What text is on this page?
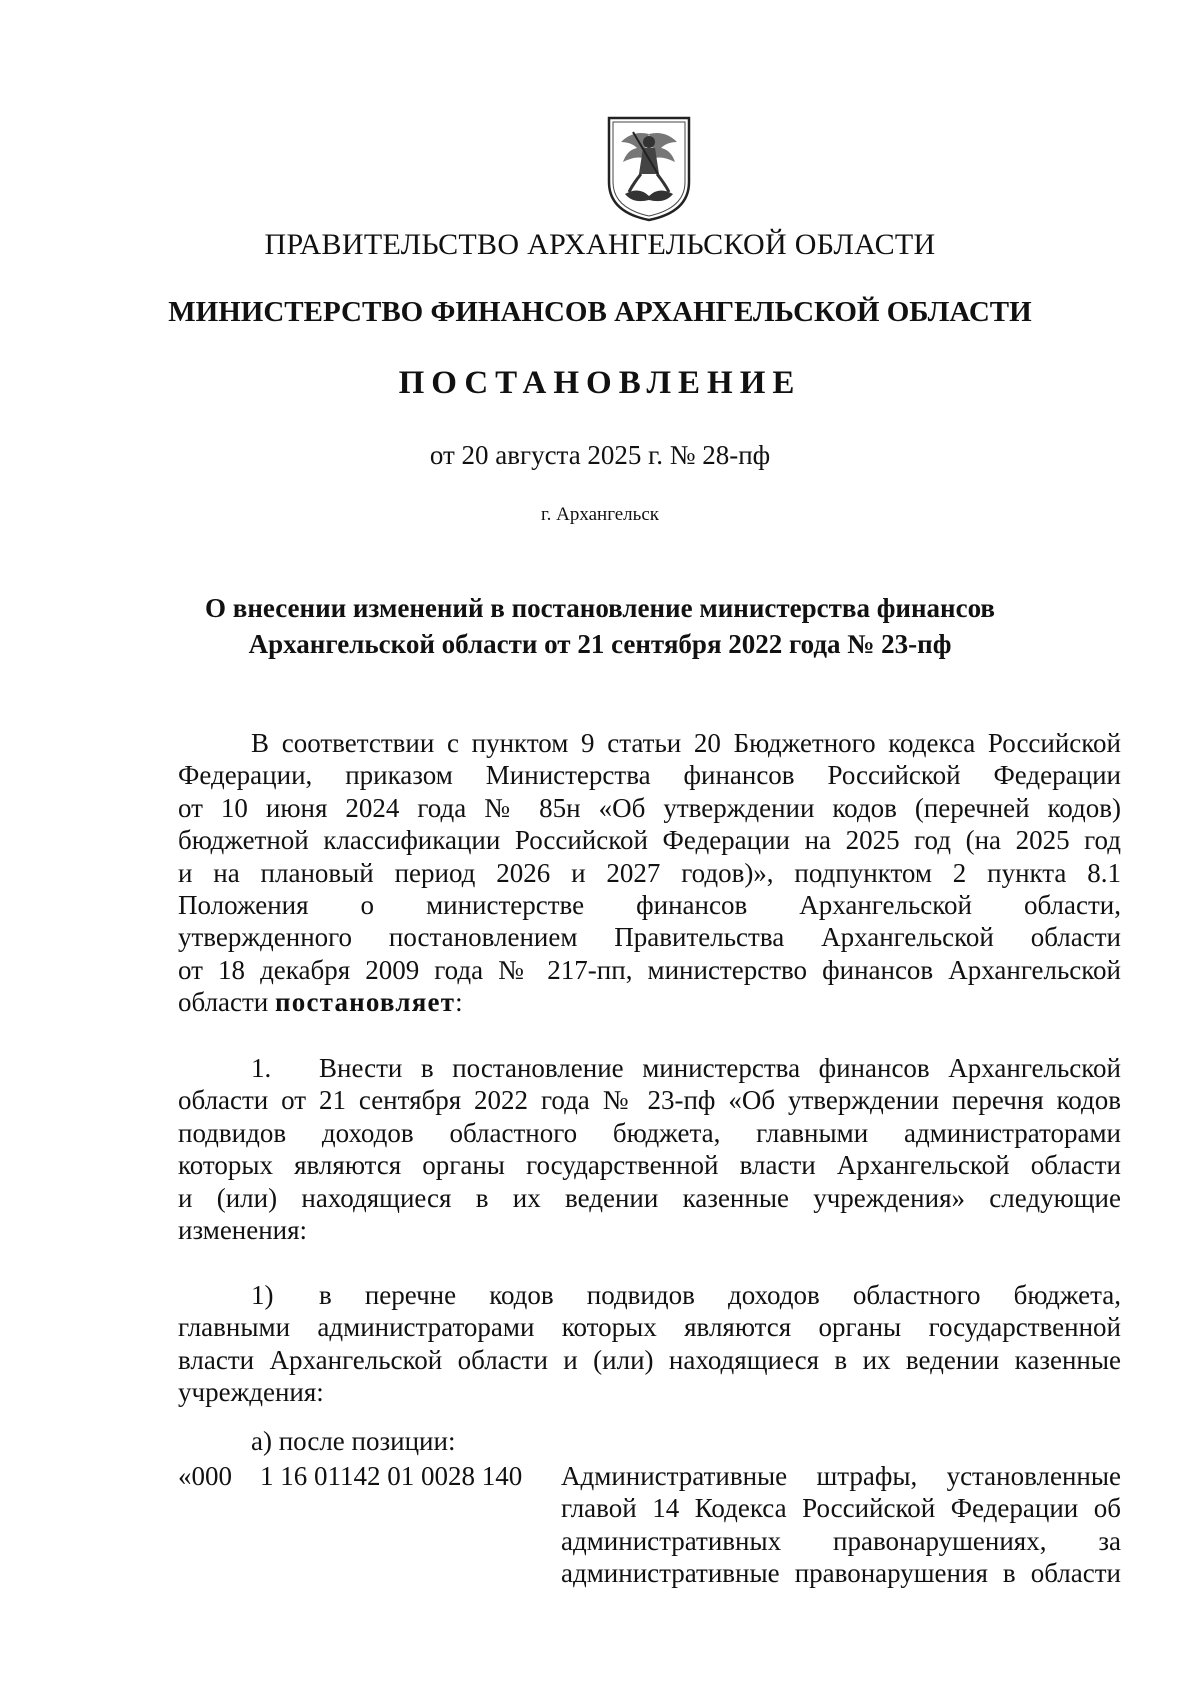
ПРАВИТЕЛЬСТВО АРХАНГЕЛЬСКОЙ ОБЛАСТИ
МИНИСТЕРСТВО ФИНАНСОВ АРХАНГЕЛЬСКОЙ ОБЛАСТИ
ПОСТАНОВЛЕНИЕ
от 20 августа 2025 г. № 28-пф
г. Архангельск
О внесении изменений в постановление министерства финансов
Архангельской области от 21 сентября 2022 года № 23-пф
В соответствии с пунктом 9 статьи 20 Бюджетного кодекса Российской
Федерации, приказом Министерства финансов Российской Федерации
от 10 июня 2024 года № 85н «Об утверждении кодов (перечней кодов)
бюджетной классификации Российской Федерации на 2025 год (на 2025 год
и на плановый период 2026 и 2027 годов)», подпунктом 2 пункта 8.1
Положения о министерстве финансов Архангельской области,
утвержденного постановлением Правительства Архангельской области
от 18 декабря 2009 года № 217-пп, министерство финансов Архангельской
области постановляет:
1. Внести в постановление министерства финансов Архангельской
области от 21 сентября 2022 года № 23-пф «Об утверждении перечня кодов
подвидов доходов областного бюджета, главными администраторами
которых являются органы государственной власти Архангельской области
и (или) находящиеся в их ведении казенные учреждения» следующие
изменения:
1) в перечне кодов подвидов доходов областного бюджета,
главными администраторами которых являются органы государственной
власти Архангельской области и (или) находящиеся в их ведении казенные
учреждения:
а) после позиции:
«000 1 16 01142 01 0028 140 Административные штрафы, установленные
главой 14 Кодекса Российской Федерации об
административных правонарушениях, за
административные правонарушения в области
